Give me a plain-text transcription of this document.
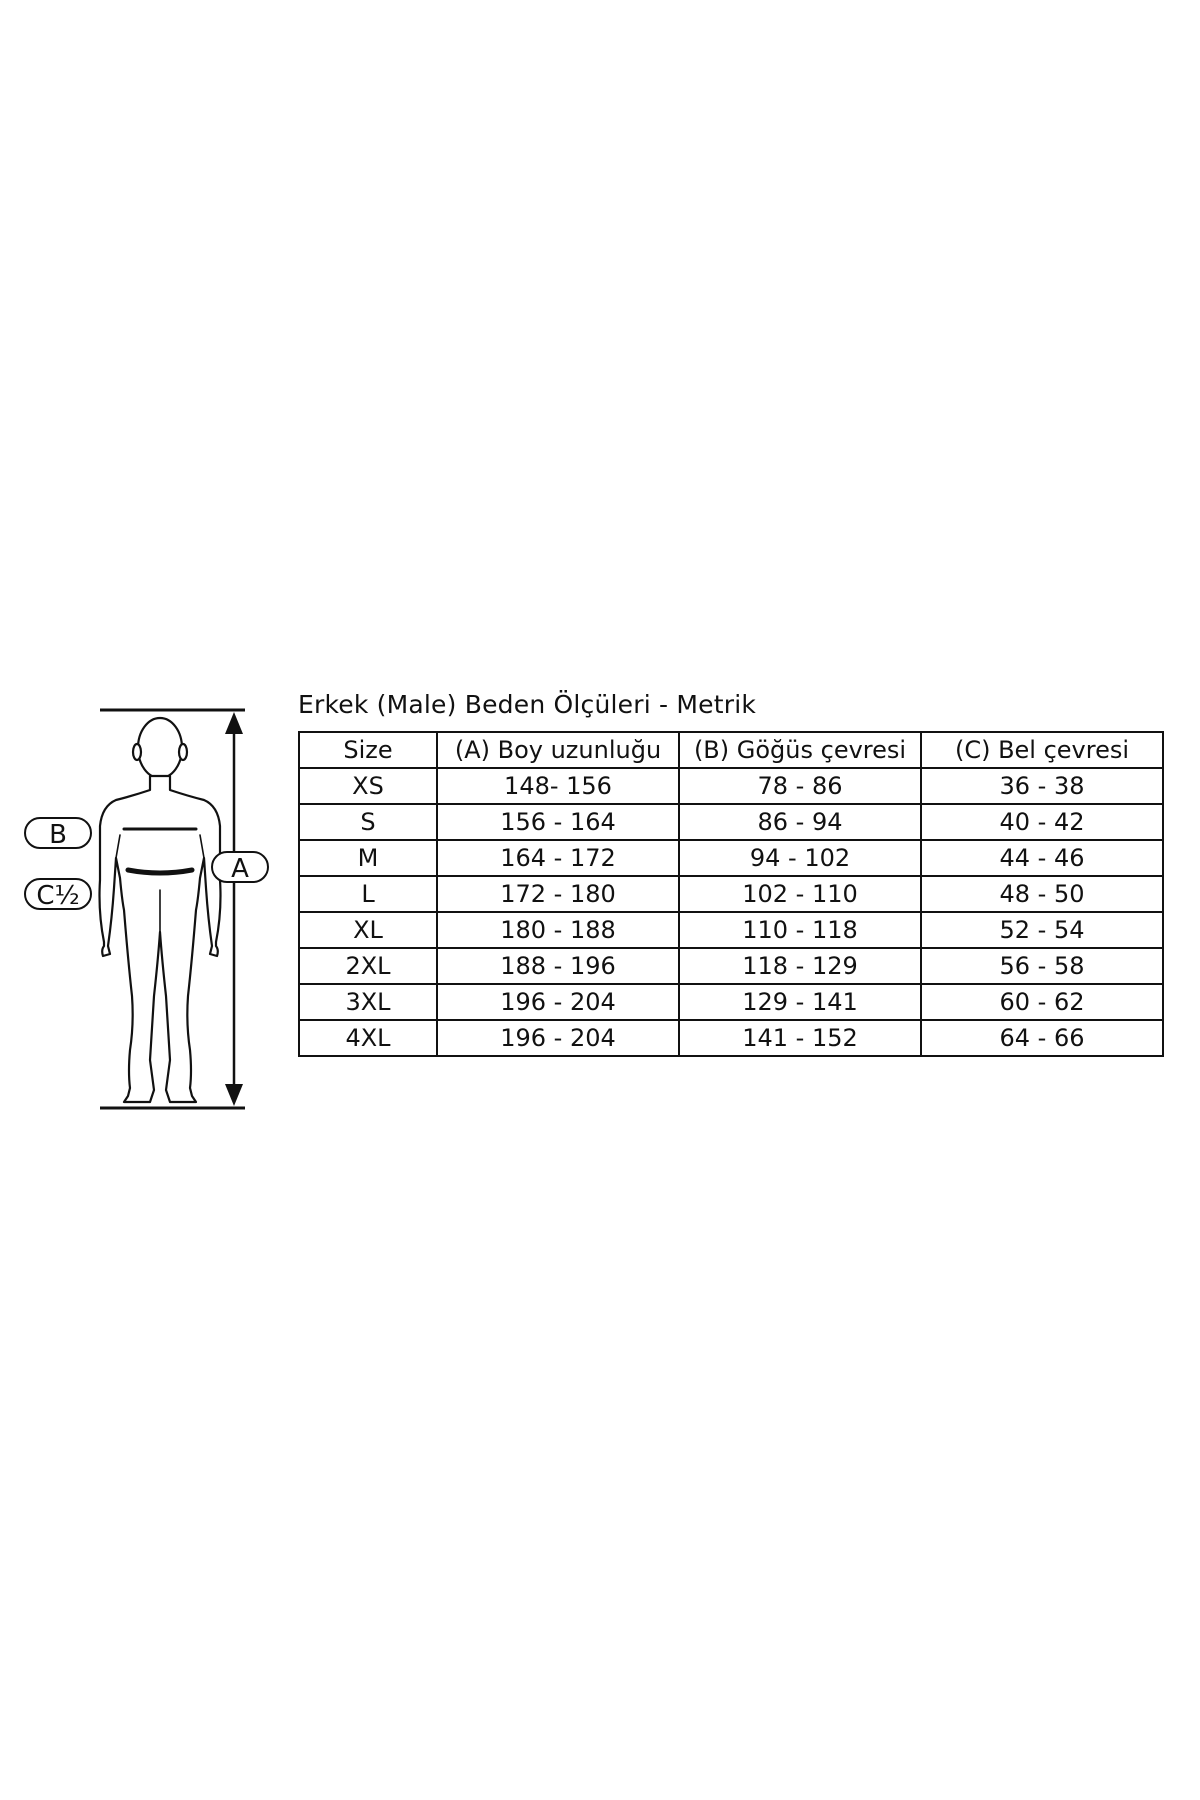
A
B
C½
Erkek (Male) Beden Ölçüleri - Metrik
Size	(A) Boy uzunluğu	(B) Göğüs çevresi	(C) Bel çevresi
XS	148- 156	78 - 86	36 - 38
S	156 - 164	86 - 94	40 - 42
M	164 - 172	94 - 102	44 - 46
L	172 - 180	102 - 110	48 - 50
XL	180 - 188	110 - 118	52 - 54
2XL	188 - 196	118 - 129	56 - 58
3XL	196 - 204	129 - 141	60 - 62
4XL	196 - 204	141 - 152	64 - 66
